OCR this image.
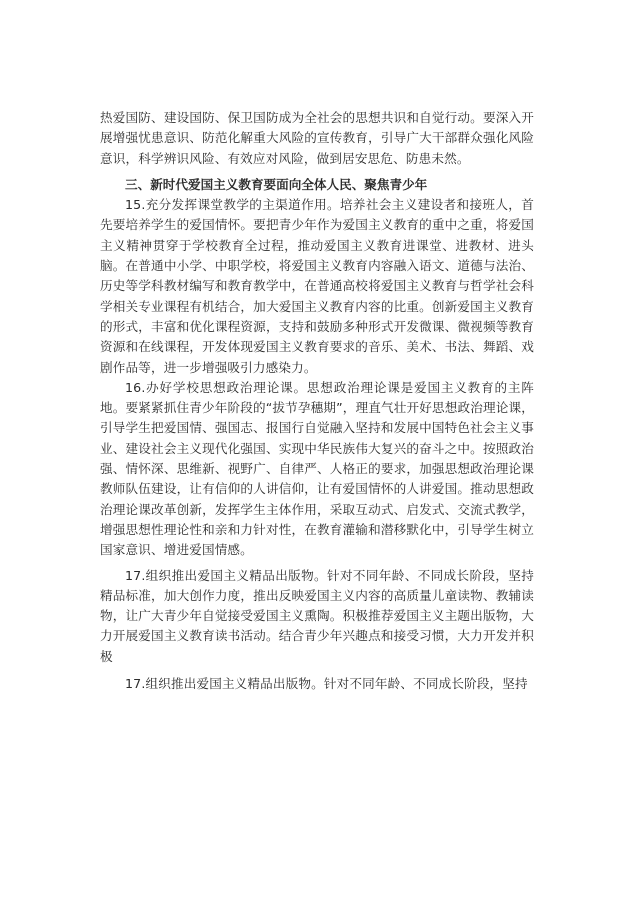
热爱国防、建设国防、保卫国防成为全社会的思想共识和自觉行动。要深入开展增强忧患意识、防范化解重大风险的宣传教育，引导广大干部群众强化风险意识，科学辨识风险、有效应对风险，做到居安思危、防患未然。

三、新时代爱国主义教育要面向全体人民、聚焦青少年

15.充分发挥课堂教学的主渠道作用。培养社会主义建设者和接班人，首先要培养学生的爱国情怀。要把青少年作为爱国主义教育的重中之重，将爱国主义精神贯穿于学校教育全过程，推动爱国主义教育进课堂、进教材、进头脑。在普通中小学、中职学校，将爱国主义教育内容融入语文、道德与法治、历史等学科教材编写和教育教学中，在普通高校将爱国主义教育与哲学社会科学相关专业课程有机结合，加大爱国主义教育内容的比重。创新爱国主义教育的形式，丰富和优化课程资源，支持和鼓励多种形式开发微课、微视频等教育资源和在线课程，开发体现爱国主义教育要求的音乐、美术、书法、舞蹈、戏剧作品等，进一步增强吸引力感染力。

16.办好学校思想政治理论课。思想政治理论课是爱国主义教育的主阵地。要紧紧抓住青少年阶段的“拔节孕穗期”，理直气壮开好思想政治理论课，引导学生把爱国情、强国志、报国行自觉融入坚持和发展中国特色社会主义事业、建设社会主义现代化强国、实现中华民族伟大复兴的奋斗之中。按照政治强、情怀深、思维新、视野广、自律严、人格正的要求，加强思想政治理论课教师队伍建设，让有信仰的人讲信仰，让有爱国情怀的人讲爱国。推动思想政治理论课改革创新，发挥学生主体作用，采取互动式、启发式、交流式教学，增强思想性理论性和亲和力针对性，在教育灌输和潜移默化中，引导学生树立国家意识、增进爱国情感。

17.组织推出爱国主义精品出版物。针对不同年龄、不同成长阶段，坚持精品标准，加大创作力度，推出反映爱国主义内容的高质量儿童读物、教辅读物，让广大青少年自觉接受爱国主义熏陶。积极推荐爱国主义主题出版物，大力开展爱国主义教育读书活动。结合青少年兴趣点和接受习惯，大力开发并积极

17.组织推出爱国主义精品出版物。针对不同年龄、不同成长阶段，坚持
